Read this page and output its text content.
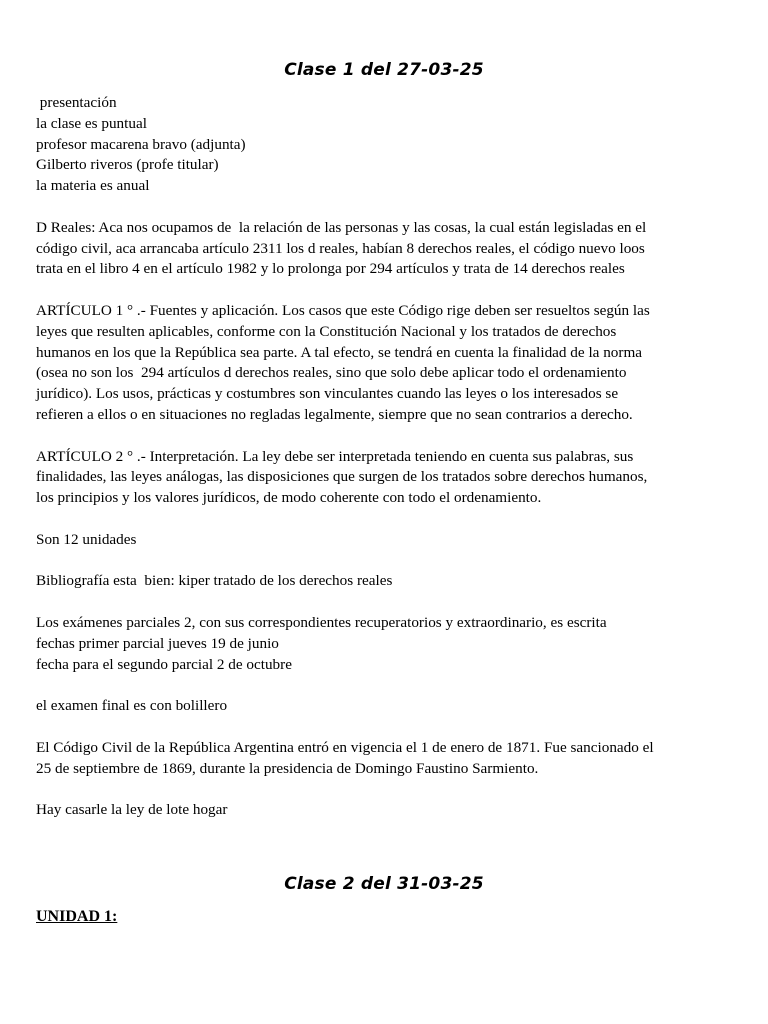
Clase 1 del 27-03-25
presentación
la clase es puntual
profesor macarena bravo (adjunta)
Gilberto riveros (profe titular)
la materia es anual
D Reales: Aca nos ocupamos de  la relación de las personas y las cosas, la cual están legisladas en el
código civil, aca arrancaba artículo 2311 los d reales, habían 8 derechos reales, el código nuevo loos
trata en el libro 4 en el artículo 1982 y lo prolonga por 294 artículos y trata de 14 derechos reales
ARTÍCULO 1 ° .- Fuentes y aplicación. Los casos que este Código rige deben ser resueltos según las
leyes que resulten aplicables, conforme con la Constitución Nacional y los tratados de derechos
humanos en los que la República sea parte. A tal efecto, se tendrá en cuenta la finalidad de la norma
(osea no son los  294 artículos d derechos reales, sino que solo debe aplicar todo el ordenamiento
jurídico). Los usos, prácticas y costumbres son vinculantes cuando las leyes o los interesados se
refieren a ellos o en situaciones no regladas legalmente, siempre que no sean contrarios a derecho.
ARTÍCULO 2 ° .- Interpretación. La ley debe ser interpretada teniendo en cuenta sus palabras, sus
finalidades, las leyes análogas, las disposiciones que surgen de los tratados sobre derechos humanos,
los principios y los valores jurídicos, de modo coherente con todo el ordenamiento.
Son 12 unidades
Bibliografía esta  bien: kiper tratado de los derechos reales
Los exámenes parciales 2, con sus correspondientes recuperatorios y extraordinario, es escrita
fechas primer parcial jueves 19 de junio
fecha para el segundo parcial 2 de octubre
el examen final es con bolillero
El Código Civil de la República Argentina entró en vigencia el 1 de enero de 1871. Fue sancionado el
25 de septiembre de 1869, durante la presidencia de Domingo Faustino Sarmiento.
Hay casarle la ley de lote hogar
Clase 2 del 31-03-25
UNIDAD 1:
